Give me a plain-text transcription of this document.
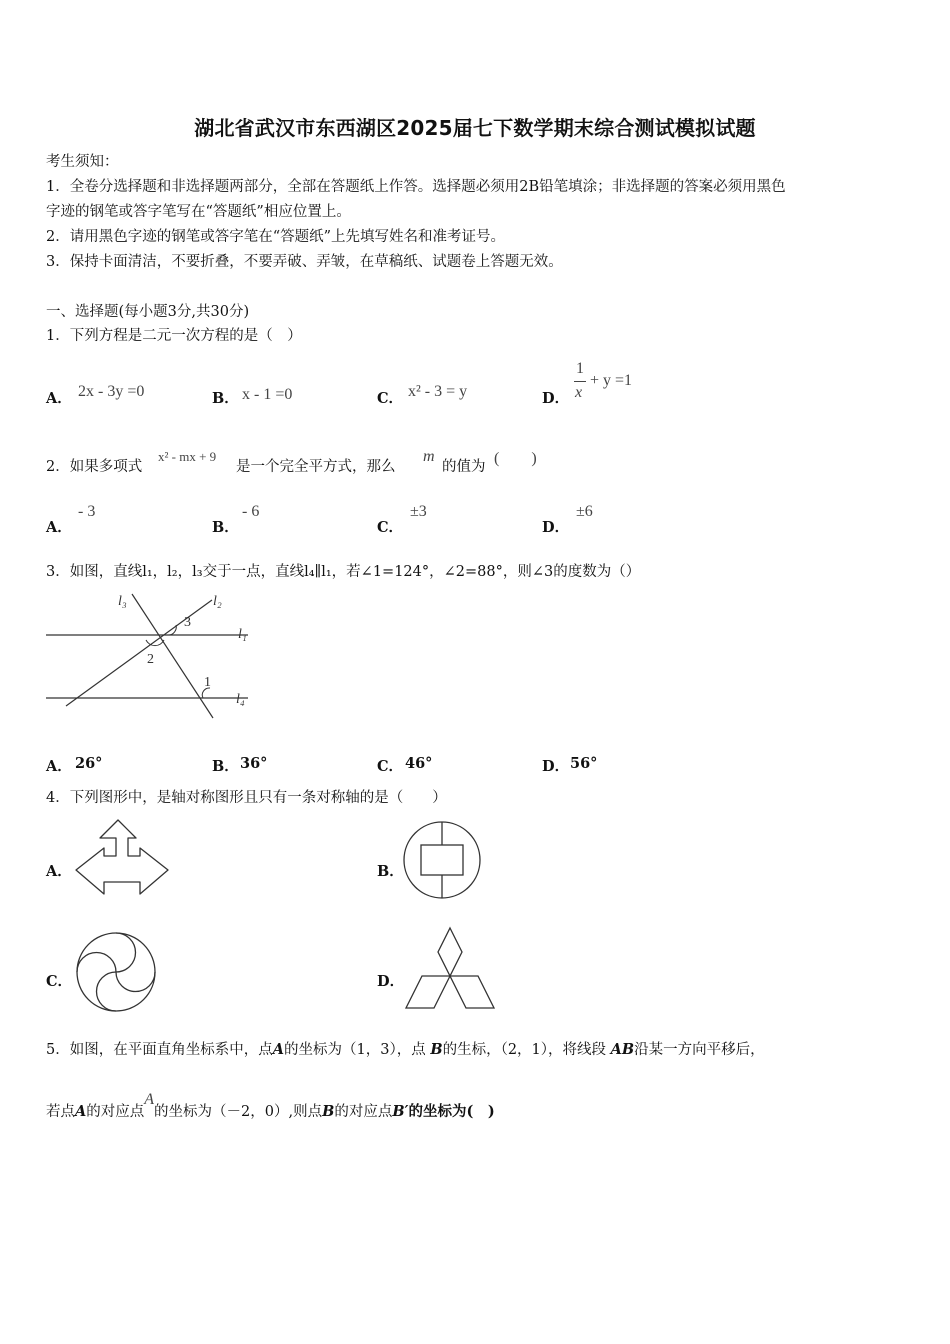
湖北省武汉市东西湖区2025届七下数学期末综合测试模拟试题
考生须知：
1．全卷分选择题和非选择题两部分，全部在答题纸上作答。选择题必须用2B铅笔填涂；非选择题的答案必须用黑色
字迹的钢笔或答字笔写在“答题纸”相应位置上。
2．请用黑色字迹的钢笔或答字笔在“答题纸”上先填写姓名和准考证号。
3．保持卡面清洁，不要折叠，不要弄破、弄皱，在草稿纸、试题卷上答题无效。
一、选择题(每小题3分,共30分)
1．下列方程是二元一次方程的是（　）
A． 2x - 3y =0	B． x - 1 =0	C． x² - 3 = y	D．
1
x
+ y =1
2．如果多项式
x² - mx + 9
是一个完全平方式，那么
m
的值为 (　　)
A．
- 3
B．
- 6
C．
±3
D．
±6
3．如图，直线l₁，l₂，l₃交于一点，直线l₄∥l₁，若∠1=124°，∠2=88°，则∠3的度数为（）
l₃	l₂
l₁
l₄
3
2
1
A． 26°	B． 36°	C． 46°	D． 56°
4．下列图形中，是轴对称图形且只有一条对称轴的是（　　）
A．	B．
C．	D．
5．如图，在平面直角坐标系中，点A的坐标为（1，3），点 B的生标，（2，1），将线段 AB沿某一方向平移后，
若点A的对应点A的坐标为（－2，0）,则点B的对应点B′的坐标为(　)
